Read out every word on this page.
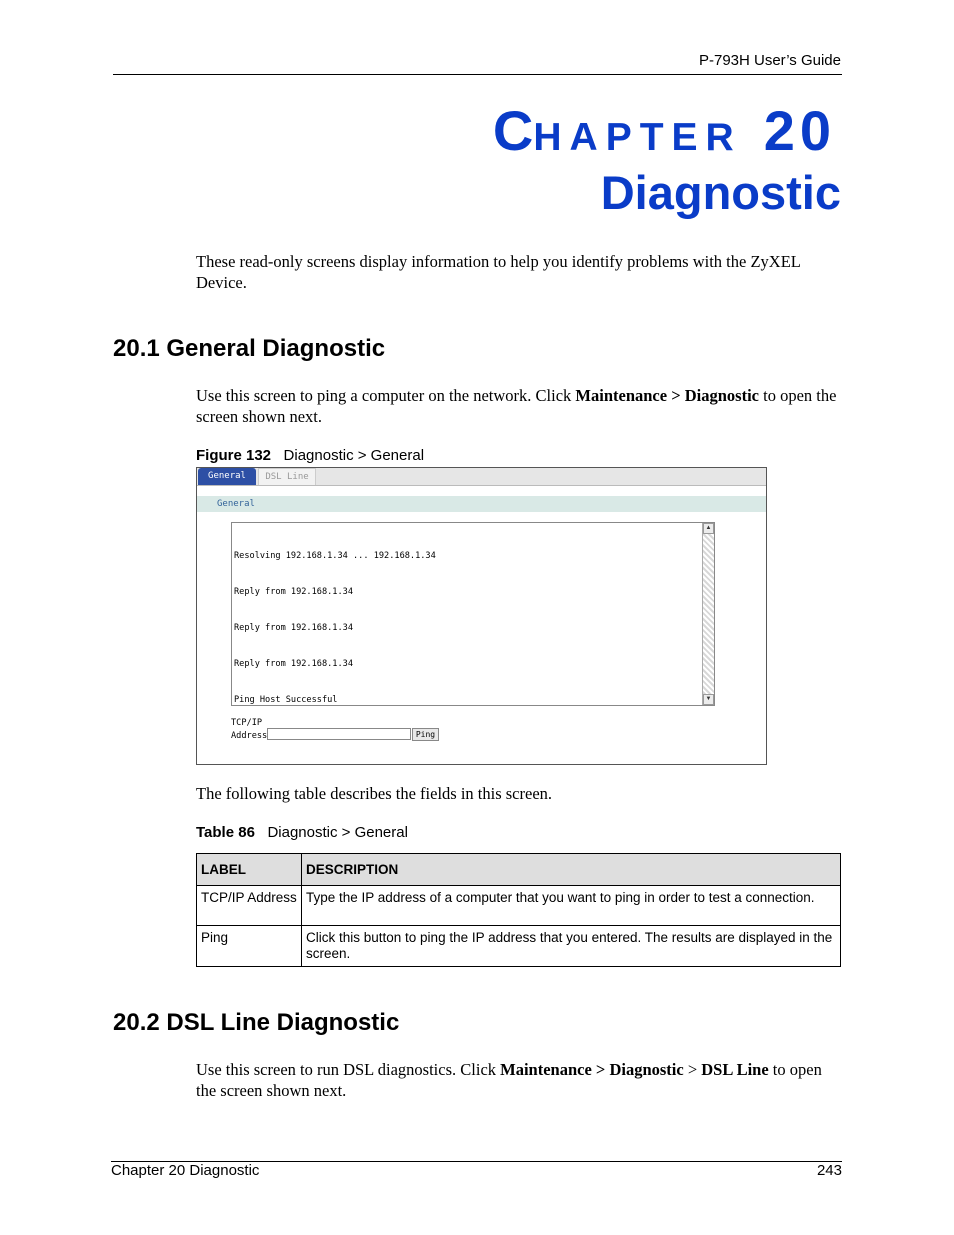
P-793H User’s Guide
CHAPTER 20
Diagnostic
These read-only screens display information to help you identify problems with the ZyXEL Device.
20.1 General Diagnostic
Use this screen to ping a computer on the network. Click Maintenance > Diagnostic to open the screen shown next.
Figure 132 Diagnostic > General
General	DSL Line
General

Resolving 192.168.1.34 ... 192.168.1.34

Reply from 192.168.1.34

Reply from 192.168.1.34

Reply from 192.168.1.34

Ping Host Successful

▲
▼
TCP/IP
Address	Ping
The following table describes the fields in this screen.
Table 86 Diagnostic > General
LABEL	DESCRIPTION
TCP/IP Address	Type the IP address of a computer that you want to ping in order to test a connection.
Ping	Click this button to ping the IP address that you entered. The results are displayed in the screen.
20.2 DSL Line Diagnostic
Use this screen to run DSL diagnostics. Click Maintenance > Diagnostic > DSL Line to open the screen shown next.
Chapter 20 Diagnostic	243
